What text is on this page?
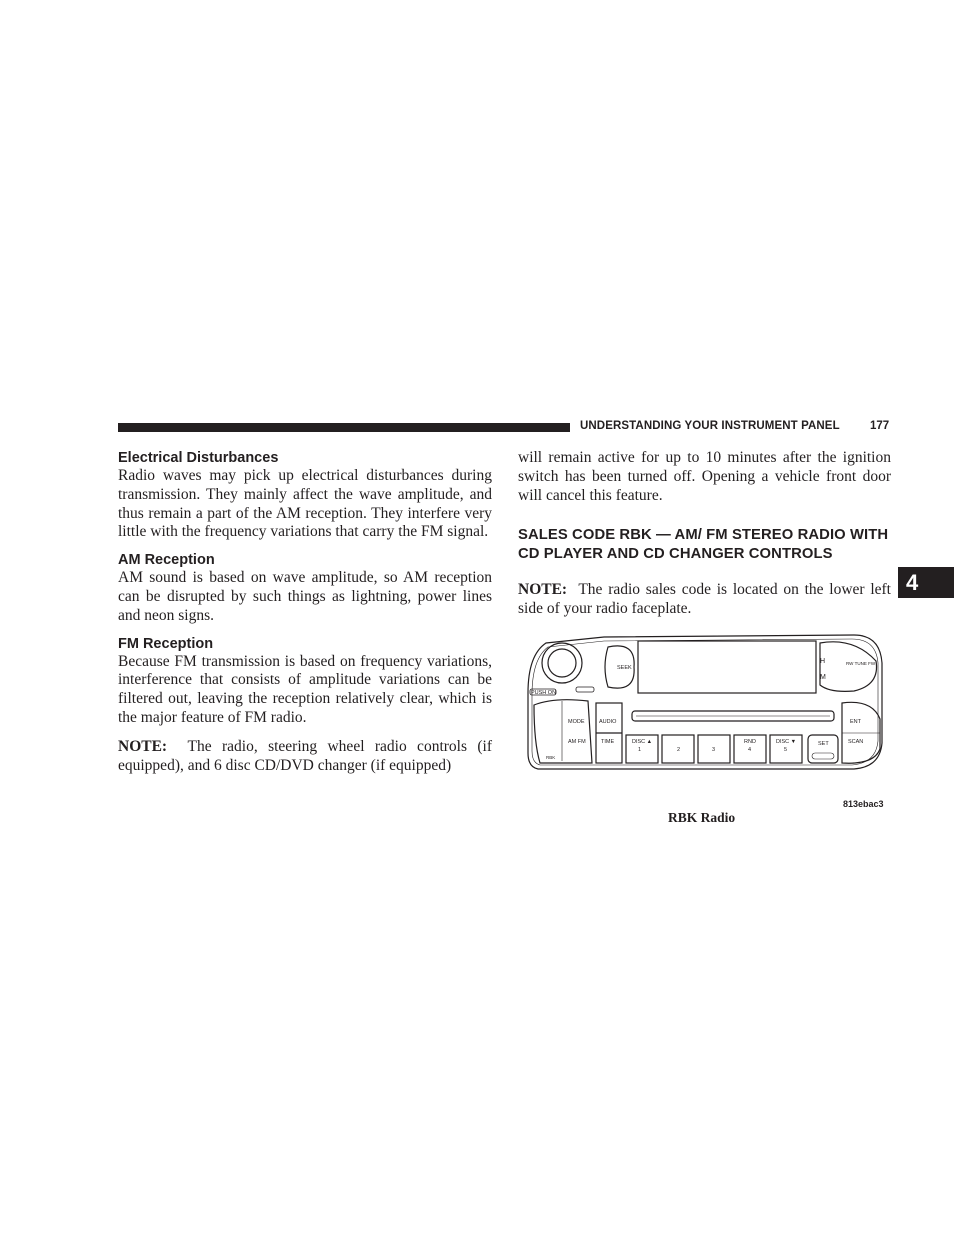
UNDERSTANDING YOUR INSTRUMENT PANEL	177
4
Electrical Disturbances

Radio waves may pick up electrical disturbances during transmission. They mainly affect the wave amplitude, and thus remain a part of the AM reception. They interfere very little with the frequency variations that carry the FM signal.

AM Reception

AM sound is based on wave amplitude, so AM reception can be disrupted by such things as lightning, power lines and neon signs.

FM Reception

Because FM transmission is based on frequency variations, interference that consists of amplitude variations can be filtered out, leaving the reception relatively clear, which is the major feature of FM radio.

NOTE: The radio, steering wheel radio controls (if equipped), and 6 disc CD/DVD changer (if equipped)

will remain active for up to 10 minutes after the ignition switch has been turned off. Opening a vehicle front door will cancel this feature.

SALES CODE RBK — AM/ FM STEREO RADIO WITH CD PLAYER AND CD CHANGER CONTROLS

NOTE: The radio sales code is located on the lower left side of your radio faceplate.

PUSH ON
SEEK
H
M
RW TUNE FW
MODE
AM FM
AUDIO
TIME	DISC ▲
1	2	3
RND
4
DISC ▼
5
SET
ENT
SCAN
RBK
813ebac3
RBK Radio
